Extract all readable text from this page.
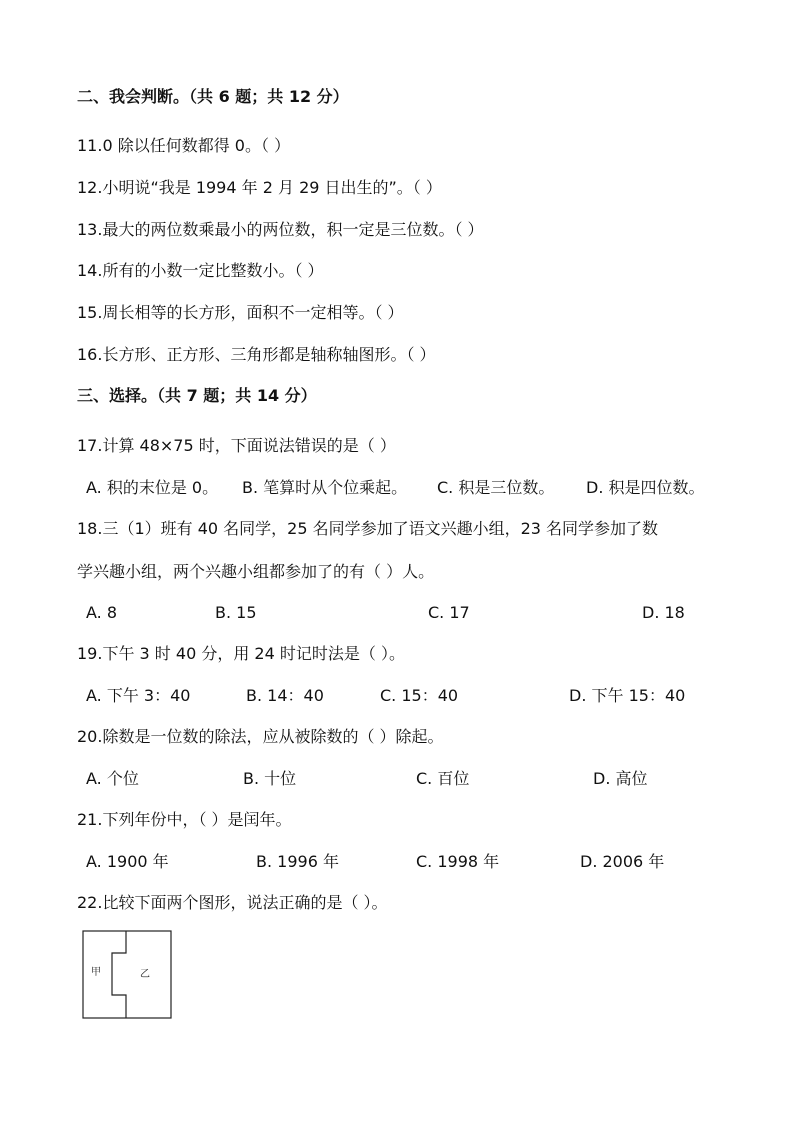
二、我会判断。（共 6 题；共 12 分）
11.0 除以任何数都得 0。（ ）
12.小明说“我是 1994 年 2 月 29 日出生的”。（ ）
13.最大的两位数乘最小的两位数，积一定是三位数。（ ）
14.所有的小数一定比整数小。（ ）
15.周长相等的长方形，面积不一定相等。（ ）
16.长方形、正方形、三角形都是轴称轴图形。（ ）
三、选择。（共 7 题；共 14 分）
17.计算 48×75 时，下面说法错误的是（ ）
A. 积的末位是 0。 B. 笔算时从个位乘起。 C. 积是三位数。 D. 积是四位数。
18.三（1）班有 40 名同学，25 名同学参加了语文兴趣小组，23 名同学参加了数
学兴趣小组，两个兴趣小组都参加了的有（ ）人。
A. 8	B. 15	C. 17	D. 18
19.下午 3 时 40 分，用 24 时记时法是（ ）。
A. 下午 3：40	B. 14：40	C. 15：40	D. 下午 15：40
20.除数是一位数的除法，应从被除数的（ ）除起。
A. 个位	B. 十位	C. 百位	D. 高位
21.下列年份中，（ ）是闰年。
A. 1900 年	B. 1996 年	C. 1998 年	D. 2006 年
22.比较下面两个图形，说法正确的是（ ）。
甲	乙
